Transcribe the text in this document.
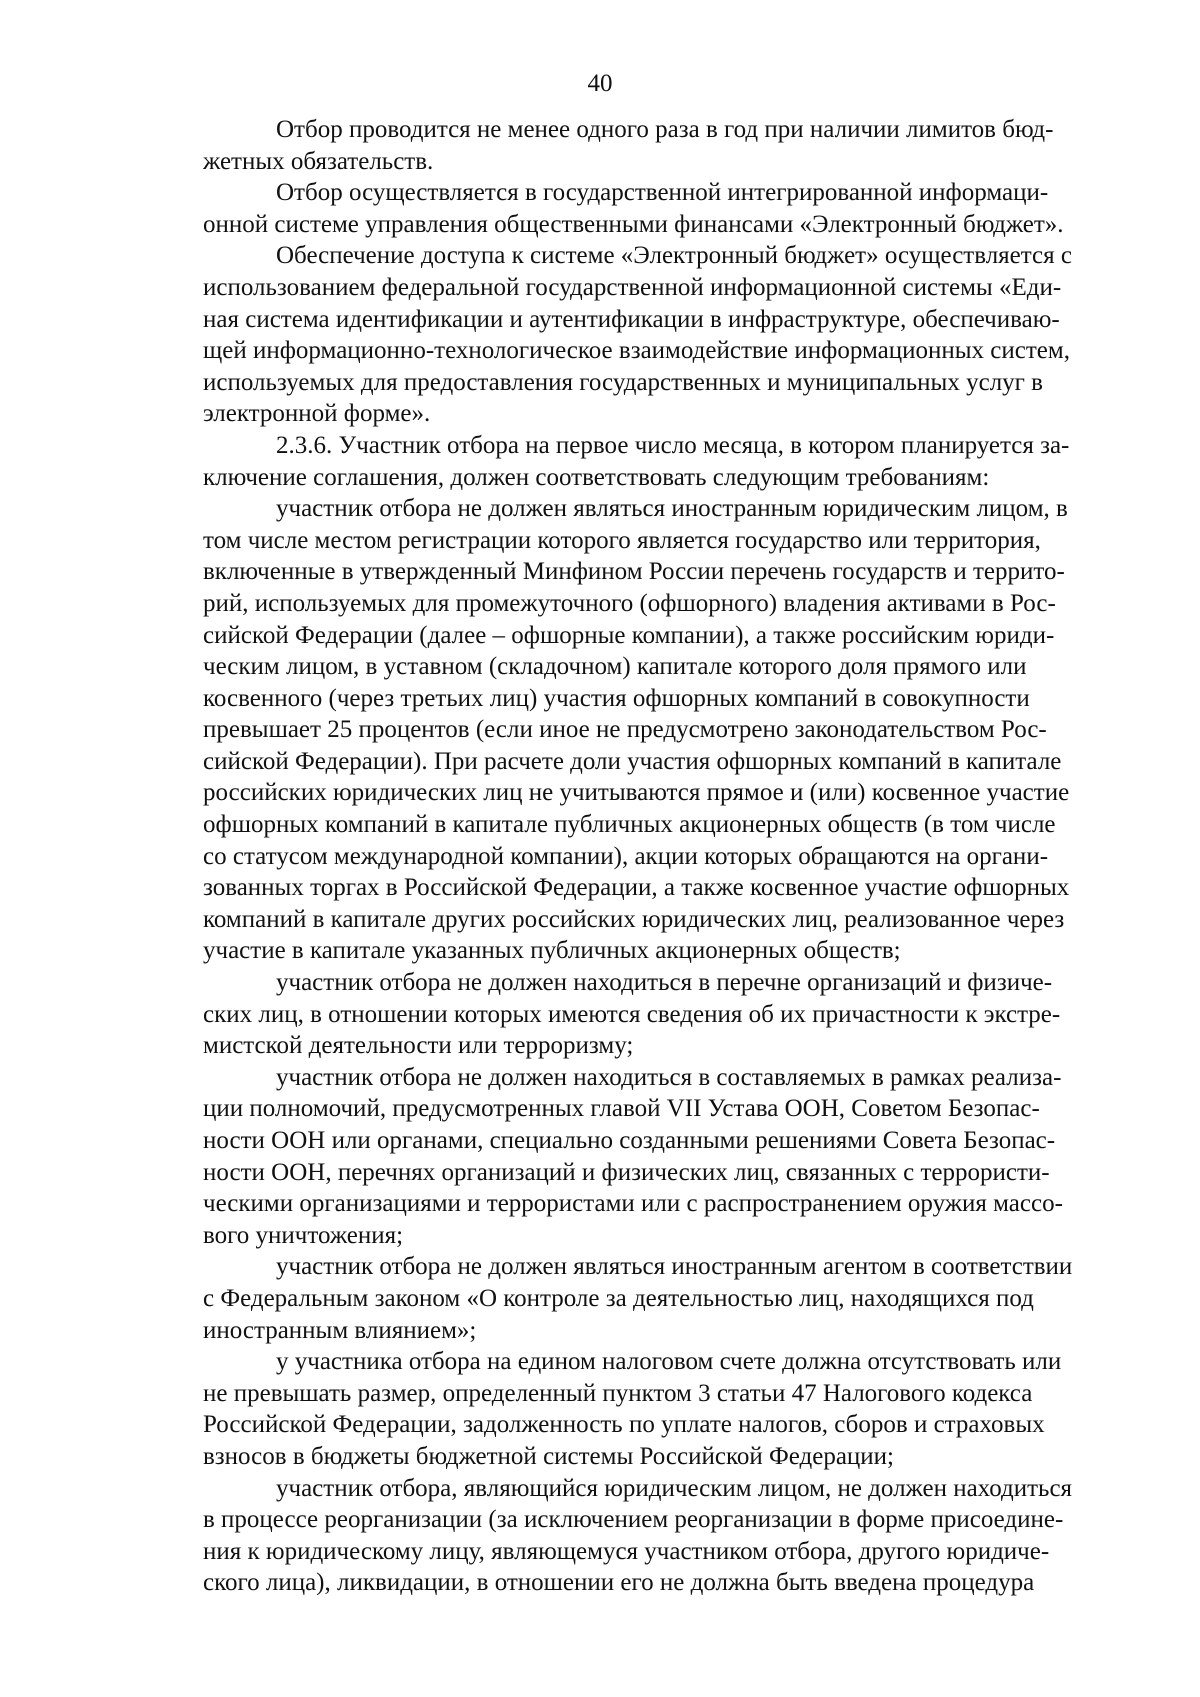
40

Отбор проводится не менее одного раза в год при наличии лимитов бюд-
жетных обязательств.

Отбор осуществляется в государственной интегрированной информаци-
онной системе управления общественными финансами «Электронный бюджет».

Обеспечение доступа к системе «Электронный бюджет» осуществляется с
использованием федеральной государственной информационной системы «Еди-
ная система идентификации и аутентификации в инфраструктуре, обеспечиваю-
щей информационно-технологическое взаимодействие информационных систем,
используемых для предоставления государственных и муниципальных услуг в
электронной форме».

2.3.6. Участник отбора на первое число месяца, в котором планируется за-
ключение соглашения, должен соответствовать следующим требованиям:

участник отбора не должен являться иностранным юридическим лицом, в
том числе местом регистрации которого является государство или территория,
включенные в утвержденный Минфином России перечень государств и террито-
рий, используемых для промежуточного (офшорного) владения активами в Рос-
сийской Федерации (далее – офшорные компании), а также российским юриди-
ческим лицом, в уставном (складочном) капитале которого доля прямого или
косвенного (через третьих лиц) участия офшорных компаний в совокупности
превышает 25 процентов (если иное не предусмотрено законодательством Рос-
сийской Федерации). При расчете доли участия офшорных компаний в капитале
российских юридических лиц не учитываются прямое и (или) косвенное участие
офшорных компаний в капитале публичных акционерных обществ (в том числе
со статусом международной компании), акции которых обращаются на органи-
зованных торгах в Российской Федерации, а также косвенное участие офшорных
компаний в капитале других российских юридических лиц, реализованное через
участие в капитале указанных публичных акционерных обществ;

участник отбора не должен находиться в перечне организаций и физиче-
ских лиц, в отношении которых имеются сведения об их причастности к экстре-
мистской деятельности или терроризму;

участник отбора не должен находиться в составляемых в рамках реализа-
ции полномочий, предусмотренных главой VII Устава ООН, Советом Безопас-
ности ООН или органами, специально созданными решениями Совета Безопас-
ности ООН, перечнях организаций и физических лиц, связанных с террористи-
ческими организациями и террористами или с распространением оружия массо-
вого уничтожения;

участник отбора не должен являться иностранным агентом в соответствии
с Федеральным законом «О контроле за деятельностью лиц, находящихся под
иностранным влиянием»;

у участника отбора на едином налоговом счете должна отсутствовать или
не превышать размер, определенный пунктом 3 статьи 47 Налогового кодекса
Российской Федерации, задолженность по уплате налогов, сборов и страховых
взносов в бюджеты бюджетной системы Российской Федерации;

участник отбора, являющийся юридическим лицом, не должен находиться
в процессе реорганизации (за исключением реорганизации в форме присоедине-
ния к юридическому лицу, являющемуся участником отбора, другого юридиче-
ского лица), ликвидации, в отношении его не должна быть введена процедура
